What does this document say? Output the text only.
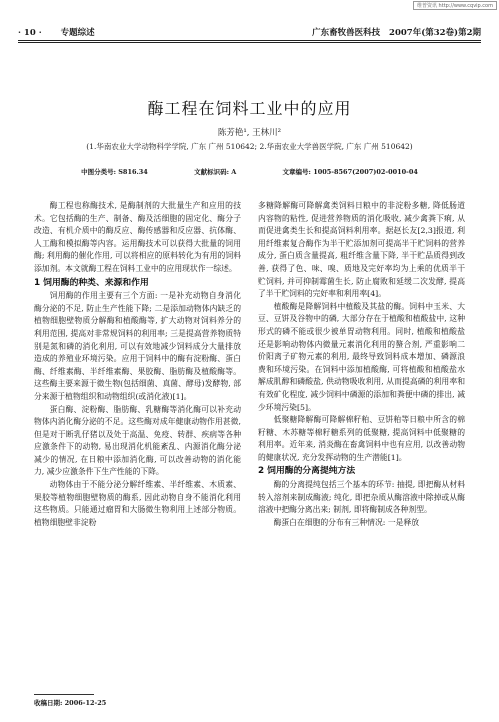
维普资讯 http://www.cqvip.com
· 10 · 专题综述	广东畜牧兽医科技 2007年(第32卷)第2期
酶工程在饲料工业中的应用
陈芳艳¹, 王林川²
(1.华南农业大学动物科学学院, 广东 广州 510642; 2.华南农业大学兽医学院, 广东 广州 510642)
中图分类号: S816.34	文献标识码: A	文章编号: 1005-8567(2007)02-0010-04

酶工程也称酶技术, 是酶制剂的大批量生产和应用的技术。它包括酶的生产、制备、酶及活细胞的固定化、酶分子改造、有机介质中的酶反应、酶传感器和反应器、抗体酶、人工酶和模拟酶等内容。运用酶技术可以获得大批量的饲用酶; 利用酶的催化作用, 可以将相应的原料转化为有用的饲料添加剂。本文就酶工程在饲料工业中的应用现状作一综述。

1 饲用酶的种类、来源和作用

饲用酶的作用主要有三个方面: 一是补充动物自身消化酶分泌的不足, 防止生产性能下降; 二是添加动物体内缺乏的植物细胞壁物质分解酶和植酸酶等, 扩大动物对饲料养分的利用范围, 提高对非常规饲料的利用率; 三是提高营养物质特别是氮和磷的消化利用, 可以有效地减少饲料成分大量排放造成的养殖业环境污染。应用于饲料中的酶有淀粉酶、蛋白酶、纤维素酶、半纤维素酶、果胶酶、脂肪酶及植酸酶等。这些酶主要来源于微生物(包括细菌、真菌、酵母)发酵物, 部分来源于植物组织和动物组织(或消化液)[1]。

蛋白酶、淀粉酶、脂肪酶、乳糖酶等消化酶可以补充动物体内消化酶分泌的不足。这些酶对成年健康动物作用甚微, 但是对于断乳仔猪以及处于高温、免疫、转群、疾病等各种应激条件下的动物, 易出现消化机能紊乱、内源消化酶分泌减少的情况, 在日粮中添加消化酶, 可以改善动物的消化能力, 减少应激条件下生产性能的下降。

动物体由于不能分泌分解纤维素、半纤维素、木质素、果胶等植物细胞壁物质的酶系, 因此动物自身不能消化利用这些物质。只能通过瘤胃和大肠微生物利用上述部分物质。植物细胞壁非淀粉

多糖降解酶可降解禽类饲料日粮中的非淀粉多糖, 降低肠道内容物的粘性, 促进营养物质的消化吸收, 减少禽粪下痢, 从而促进禽类生长和提高饲料利用率。据赵长友[2,3]报道, 利用纤维素复合酶作为半干贮添加剂可提高半干贮饲料的营养成分, 蛋白质含量提高, 粗纤维含量下降, 半干贮品质得到改善, 获得了色、味、嗅、质地及完好率均为上乘的优质半干贮饲料, 并可抑制霉菌生长, 防止腐败和延缓二次发酵, 提高了半干贮饲料的完好率和利用率[4]。

植酸酶是降解饲料中植酸及其盐的酶。饲料中玉米、大豆、豆饼及谷物中的磷, 大部分存在于植酸和植酸盐中, 这种形式的磷不能或很少被单胃动物利用。同时, 植酸和植酸盐还是影响动物体内微量元素消化利用的螯合剂, 严重影响二价阳离子矿物元素的利用, 最终导致饲料成本增加、磷源浪费和环境污染。在饲料中添加植酸酶, 可将植酸和植酸盐水解成肌醇和磷酸盐, 供动物吸收利用, 从而提高磷的利用率和有效矿化程度, 减少饲料中磷源的添加和粪便中磷的排出, 减少环境污染[5]。

低聚糖降解酶可降解棉籽粕、豆饼粕等日粮中所含的棉籽糖、木苏糖等棉籽糖系列的低聚糖, 提高饲料中低聚糖的利用率。近年来, 消炎酶在畜禽饲料中也有应用, 以改善动物的健康状况, 充分发挥动物的生产潜能[1]。

2 饲用酶的分离提纯方法

酶的分离提纯包括三个基本的环节: 抽提, 即把酶从材料转入溶剂来制成酶液; 纯化, 即把杂质从酶溶液中除掉或从酶溶液中把酶分离出来; 制剂, 即将酶制成各种剂型。

酶蛋白在细胞的分布有三种情况: 一是释放

收稿日期: 2006-12-25
